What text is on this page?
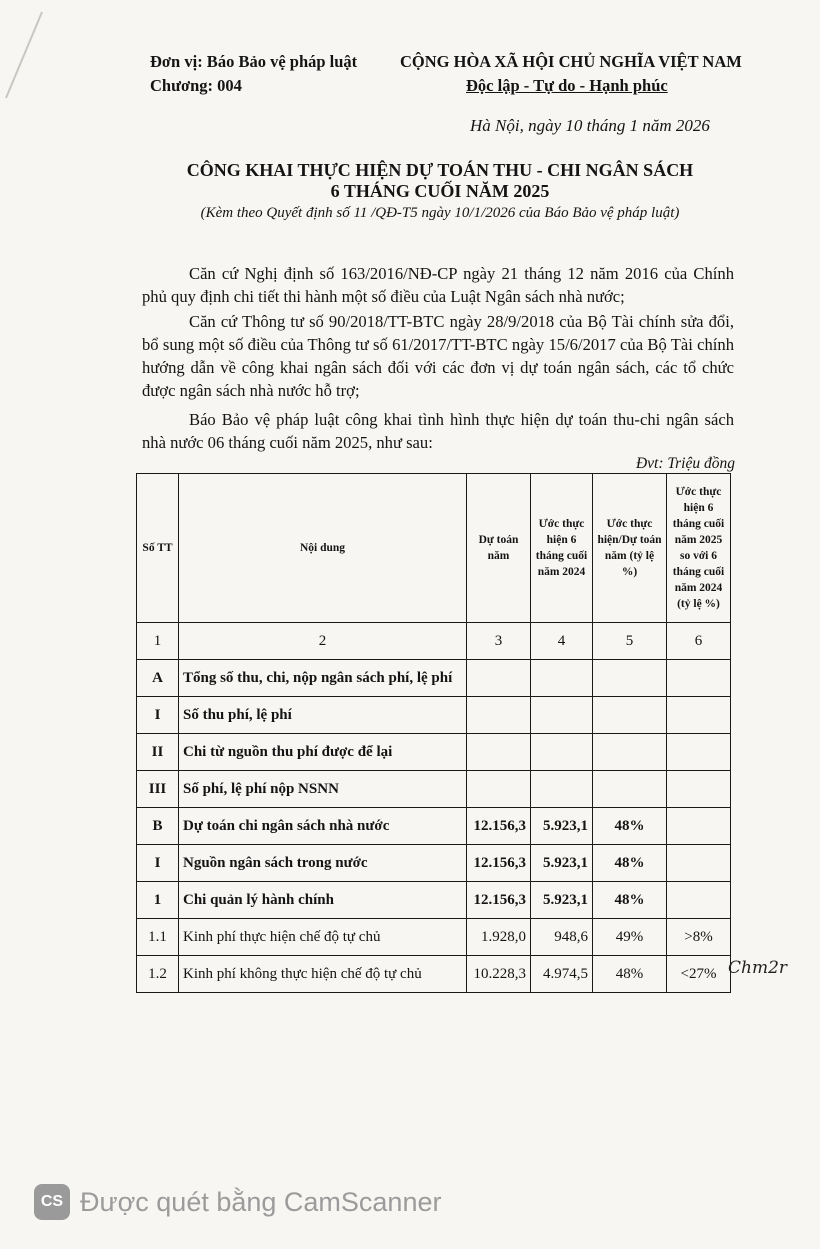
Đơn vị: Báo Bảo vệ pháp luật
Chương: 004
CỘNG HÒA XÃ HỘI CHỦ NGHĨA VIỆT NAM
Độc lập - Tự do - Hạnh phúc
Hà Nội, ngày 10 tháng 1 năm 2026
CÔNG KHAI THỰC HIỆN DỰ TOÁN THU - CHI NGÂN SÁCH
6 THÁNG CUỐI NĂM 2025
(Kèm theo Quyết định số 11 /QĐ-T5 ngày 10/1/2026 của Báo Bảo vệ pháp luật)
Căn cứ Nghị định số 163/2016/NĐ-CP ngày 21 tháng 12 năm 2016 của Chính phủ quy định chi tiết thi hành một số điều của Luật Ngân sách nhà nước;
Căn cứ Thông tư số 90/2018/TT-BTC ngày 28/9/2018 của Bộ Tài chính sửa đổi, bổ sung một số điều của Thông tư số 61/2017/TT-BTC ngày 15/6/2017 của Bộ Tài chính hướng dẫn về công khai ngân sách đối với các đơn vị dự toán ngân sách, các tổ chức được ngân sách nhà nước hỗ trợ;
Báo Bảo vệ pháp luật công khai tình hình thực hiện dự toán thu-chi ngân sách nhà nước 06 tháng cuối năm 2025, như sau:
Đvt: Triệu đồng
Số TT	Nội dung	Dự toán năm	Ước thực hiện 6 tháng cuối năm 2024	Ước thực hiện/Dự toán năm (tỷ lệ %)	Ước thực hiện 6 tháng cuối năm 2025 so với 6 tháng cuối năm 2024 (tỷ lệ %)
1	2	3	4	5	6
A	Tổng số thu, chi, nộp ngân sách phí, lệ phí				
I	Số thu phí, lệ phí				
II	Chi từ nguồn thu phí được để lại				
III	Số phí, lệ phí nộp NSNN				
B	Dự toán chi ngân sách nhà nước	12.156,3	5.923,1	48%	
I	Nguồn ngân sách trong nước	12.156,3	5.923,1	48%	
1	Chi quản lý hành chính	12.156,3	5.923,1	48%	
1.1	Kinh phí thực hiện chế độ tự chủ	1.928,0	948,6	49%	>8%
1.2	Kinh phí không thực hiện chế độ tự chủ	10.228,3	4.974,5	48%	<27% Chm2r
CS Được quét bằng CamScanner
